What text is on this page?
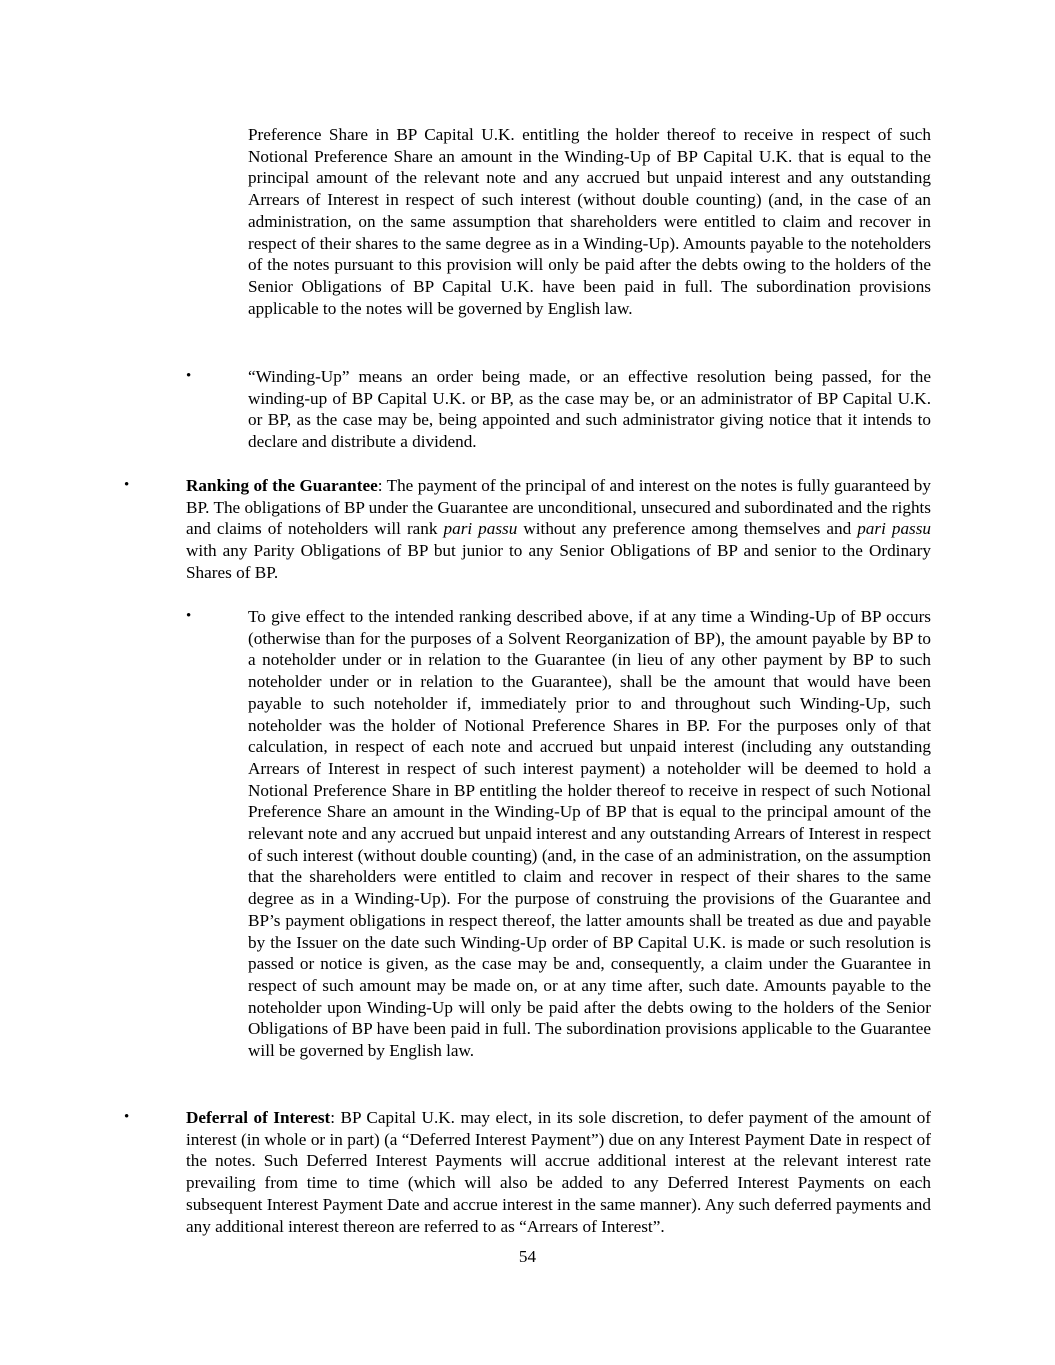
Preference Share in BP Capital U.K. entitling the holder thereof to receive in respect of such Notional Preference Share an amount in the Winding-Up of BP Capital U.K. that is equal to the principal amount of the relevant note and any accrued but unpaid interest and any outstanding Arrears of Interest in respect of such interest (without double counting) (and, in the case of an administration, on the same assumption that shareholders were entitled to claim and recover in respect of their shares to the same degree as in a Winding-Up). Amounts payable to the noteholders of the notes pursuant to this provision will only be paid after the debts owing to the holders of the Senior Obligations of BP Capital U.K. have been paid in full. The subordination provisions applicable to the notes will be governed by English law.

•	“Winding-Up” means an order being made, or an effective resolution being passed, for the winding-up of BP Capital U.K. or BP, as the case may be, or an administrator of BP Capital U.K. or BP, as the case may be, being appointed and such administrator giving notice that it intends to declare and distribute a dividend.

•	Ranking of the Guarantee: The payment of the principal of and interest on the notes is fully guaranteed by BP. The obligations of BP under the Guarantee are unconditional, unsecured and subordinated and the rights and claims of noteholders will rank pari passu without any preference among themselves and pari passu with any Parity Obligations of BP but junior to any Senior Obligations of BP and senior to the Ordinary Shares of BP.

•	To give effect to the intended ranking described above, if at any time a Winding-Up of BP occurs (otherwise than for the purposes of a Solvent Reorganization of BP), the amount payable by BP to a noteholder under or in relation to the Guarantee (in lieu of any other payment by BP to such noteholder under or in relation to the Guarantee), shall be the amount that would have been payable to such noteholder if, immediately prior to and throughout such Winding-Up, such noteholder was the holder of Notional Preference Shares in BP. For the purposes only of that calculation, in respect of each note and accrued but unpaid interest (including any outstanding Arrears of Interest in respect of such interest payment) a noteholder will be deemed to hold a Notional Preference Share in BP entitling the holder thereof to receive in respect of such Notional Preference Share an amount in the Winding-Up of BP that is equal to the principal amount of the relevant note and any accrued but unpaid interest and any outstanding Arrears of Interest in respect of such interest (without double counting) (and, in the case of an administration, on the assumption that the shareholders were entitled to claim and recover in respect of their shares to the same degree as in a Winding-Up). For the purpose of construing the provisions of the Guarantee and BP’s payment obligations in respect thereof, the latter amounts shall be treated as due and payable by the Issuer on the date such Winding-Up order of BP Capital U.K. is made or such resolution is passed or notice is given, as the case may be and, consequently, a claim under the Guarantee in respect of such amount may be made on, or at any time after, such date. Amounts payable to the noteholder upon Winding-Up will only be paid after the debts owing to the holders of the Senior Obligations of BP have been paid in full. The subordination provisions applicable to the Guarantee will be governed by English law.

•	Deferral of Interest: BP Capital U.K. may elect, in its sole discretion, to defer payment of the amount of interest (in whole or in part) (a “Deferred Interest Payment”) due on any Interest Payment Date in respect of the notes. Such Deferred Interest Payments will accrue additional interest at the relevant interest rate prevailing from time to time (which will also be added to any Deferred Interest Payments on each subsequent Interest Payment Date and accrue interest in the same manner). Any such deferred payments and any additional interest thereon are referred to as “Arrears of Interest”.

54
